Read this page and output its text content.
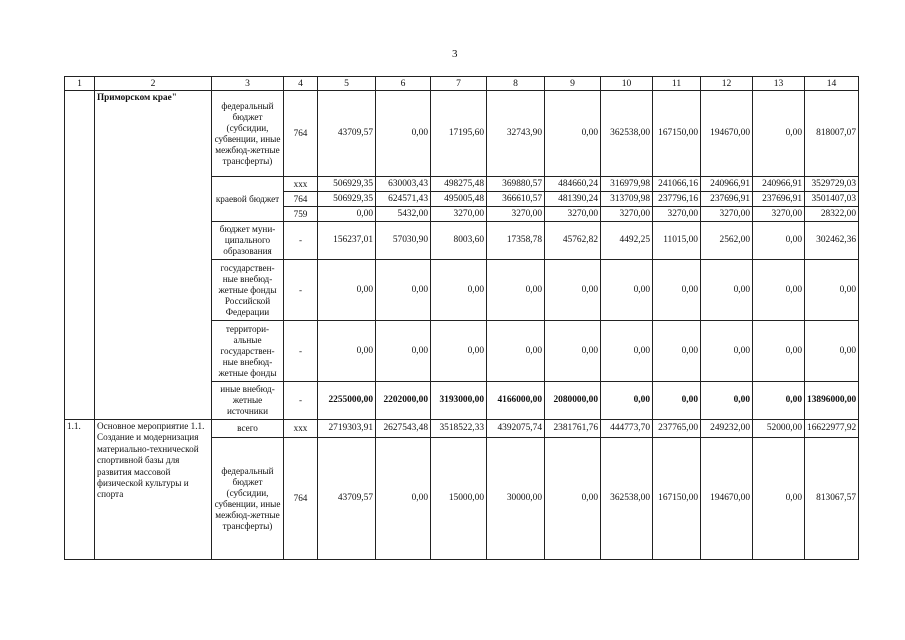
3
1	2	3	4	5	6	7	8	9	10	11	12	13	14
	Приморском крае"	федеральный бюджет (субсидии, субвенции, иные межбюд-жетные трансферты)	764	43709,57	0,00	17195,60	32743,90	0,00	362538,00	167150,00	194670,00	0,00	818007,07
		краевой бюджет	xxx	506929,35	630003,43	498275,48	369880,57	484660,24	316979,98	241066,16	240966,91	240966,91	3529729,03
			764	506929,35	624571,43	495005,48	366610,57	481390,24	313709,98	237796,16	237696,91	237696,91	3501407,03
			759	0,00	5432,00	3270,00	3270,00	3270,00	3270,00	3270,00	3270,00	3270,00	28322,00
		бюджет муни-ципального образования	-	156237,01	57030,90	8003,60	17358,78	45762,82	4492,25	11015,00	2562,00	0,00	302462,36
		государствен-ные внебюд-жетные фонды Российской Федерации	-	0,00	0,00	0,00	0,00	0,00	0,00	0,00	0,00	0,00	0,00
		территори-альные государствен-ные внебюд-жетные фонды	-	0,00	0,00	0,00	0,00	0,00	0,00	0,00	0,00	0,00	0,00
		иные внебюд-жетные источники	-	2255000,00	2202000,00	3193000,00	4166000,00	2080000,00	0,00	0,00	0,00	0,00	13896000,00
1.1.	Основное мероприятие 1.1. Создание и модернизация материально-технической спортивной базы для развития массовой физической культуры и спорта	всего	xxx	2719303,91	2627543,48	3518522,33	4392075,74	2381761,76	444773,70	237765,00	249232,00	52000,00	16622977,92
		федеральный бюджет (субсидии, субвенции, иные межбюд-жетные трансферты)	764	43709,57	0,00	15000,00	30000,00	0,00	362538,00	167150,00	194670,00	0,00	813067,57
